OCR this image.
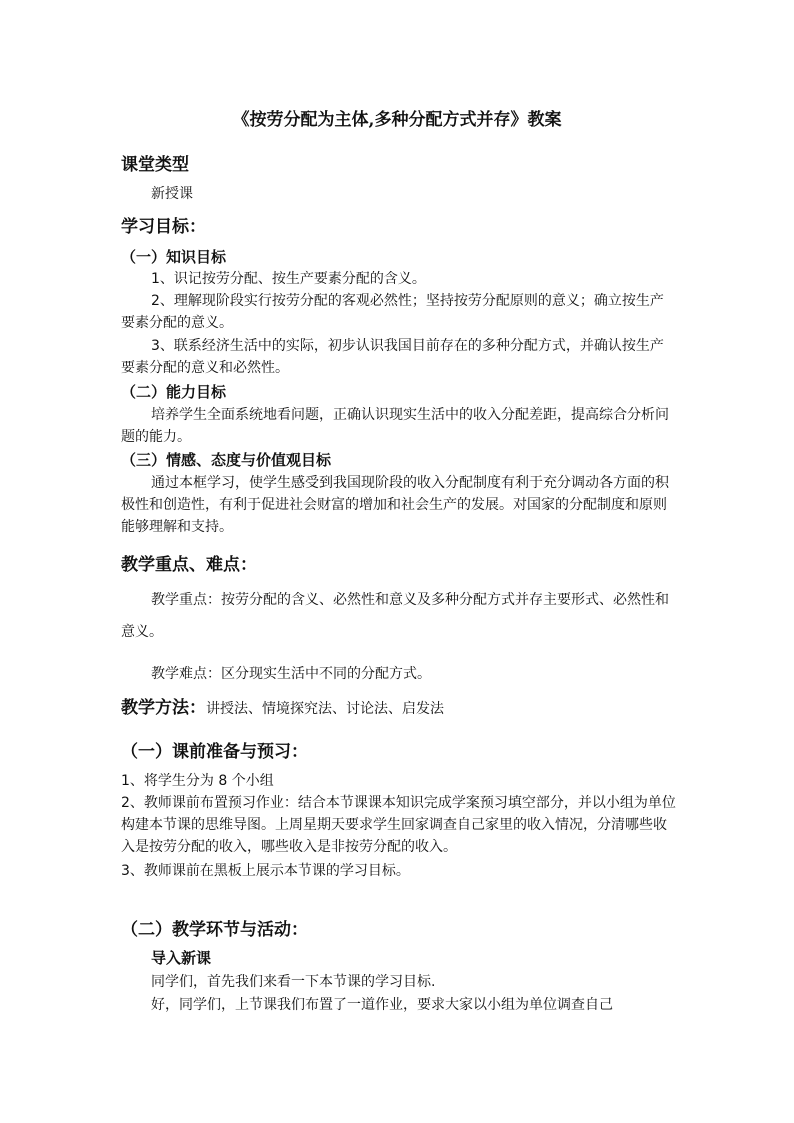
《按劳分配为主体,多种分配方式并存》教案
课堂类型
新授课
学习目标：
（一）知识目标
1、识记按劳分配、按生产要素分配的含义。
2、理解现阶段实行按劳分配的客观必然性；坚持按劳分配原则的意义；确立按生产要素分配的意义。
3、联系经济生活中的实际，初步认识我国目前存在的多种分配方式，并确认按生产要素分配的意义和必然性。
（二）能力目标
培养学生全面系统地看问题，正确认识现实生活中的收入分配差距，提高综合分析问题的能力。
（三）情感、态度与价值观目标
通过本框学习，使学生感受到我国现阶段的收入分配制度有利于充分调动各方面的积极性和创造性，有利于促进社会财富的增加和社会生产的发展。对国家的分配制度和原则能够理解和支持。
教学重点、难点：
教学重点：按劳分配的含义、必然性和意义及多种分配方式并存主要形式、必然性和意义。
教学难点：区分现实生活中不同的分配方式。
教学方法：讲授法、情境探究法、讨论法、启发法
（一）课前准备与预习：
1、将学生分为 8 个小组
2、教师课前布置预习作业：结合本节课课本知识完成学案预习填空部分，并以小组为单位构建本节课的思维导图。上周星期天要求学生回家调查自己家里的收入情况，分清哪些收入是按劳分配的收入，哪些收入是非按劳分配的收入。
3、教师课前在黑板上展示本节课的学习目标。
（二）教学环节与活动：
导入新课
同学们，首先我们来看一下本节课的学习目标.
好，同学们，上节课我们布置了一道作业，要求大家以小组为单位调查自己
